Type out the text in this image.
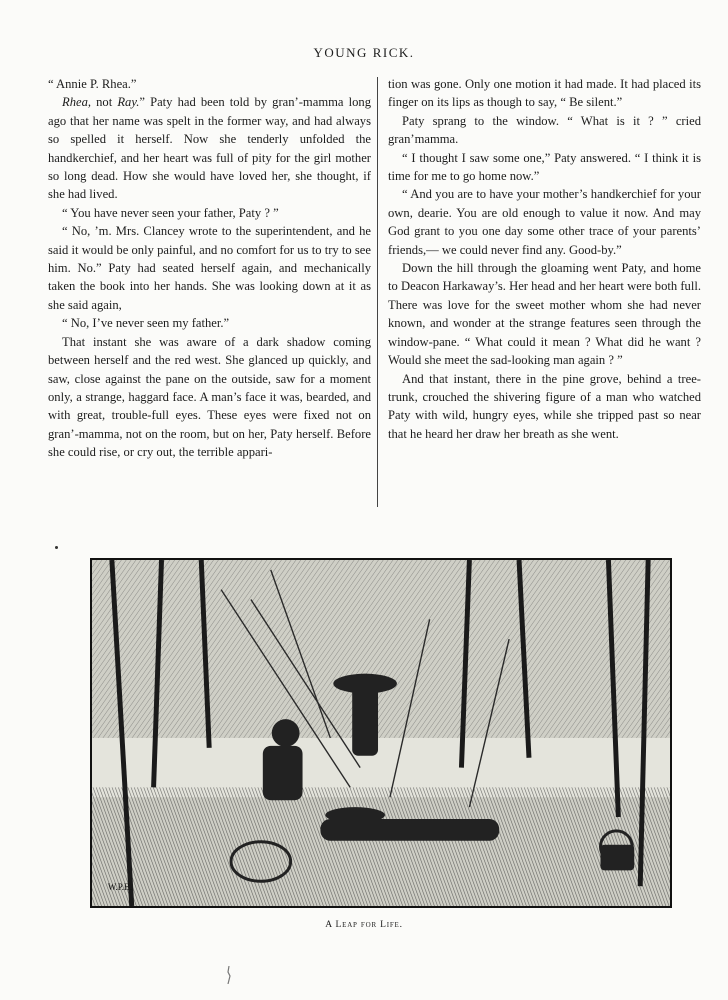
YOUNG RICK.

“ Annie P. Rhea.”

Rhea, not Ray.” Paty had been told by gran’-mamma long ago that her name was spelt in the former way, and had always so spelled it herself. Now she tenderly unfolded the handkerchief, and her heart was full of pity for the girl mother so long dead. How she would have loved her, she thought, if she had lived.

“ You have never seen your father, Paty ? ”

“ No, ’m. Mrs. Clancey wrote to the superintendent, and he said it would be only painful, and no comfort for us to try to see him. No.” Paty had seated herself again, and mechanically taken the book into her hands. She was looking down at it as she said again,

“ No, I’ve never seen my father.”

That instant she was aware of a dark shadow coming between herself and the red west. She glanced up quickly, and saw, close against the pane on the outside, saw for a moment only, a strange, haggard face. A man’s face it was, bearded, and with great, trouble-full eyes. These eyes were fixed not on gran’-mamma, not on the room, but on her, Paty herself. Before she could rise, or cry out, the terrible appari-

tion was gone. Only one motion it had made. It had placed its finger on its lips as though to say, “ Be silent.”

Paty sprang to the window. “ What is it ? ” cried gran’mamma.

“ I thought I saw some one,” Paty answered. “ I think it is time for me to go home now.”

“ And you are to have your mother’s handkerchief for your own, dearie. You are old enough to value it now. And may God grant to you one day some other trace of your parents’ friends,— we could never find any. Good-by.”

Down the hill through the gloaming went Paty, and home to Deacon Harkaway’s. Her head and her heart were both full. There was love for the sweet mother whom she had never known, and wonder at the strange features seen through the window-pane. “ What could it mean ? What did he want ? Would she meet the sad-looking man again ? ”

And that instant, there in the pine grove, behind a tree-trunk, crouched the shivering figure of a man who watched Paty with wild, hungry eyes, while she tripped past so near that he heard her draw her breath as she went.

W.P.B.
A Leap for Life.
